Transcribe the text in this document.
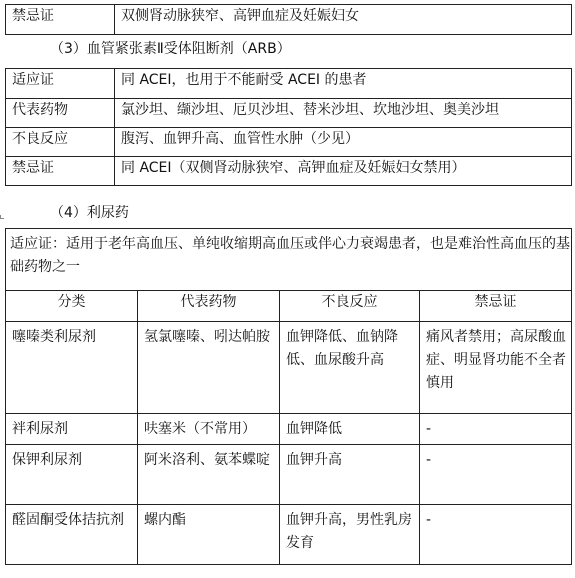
禁忌证	双侧肾动脉狭窄、高钾血症及妊娠妇女
（3）血管紧张素Ⅱ受体阻断剂（ARB）
适应证	同 ACEI，也用于不能耐受 ACEI 的患者
代表药物	氯沙坦、缬沙坦、厄贝沙坦、替米沙坦、坎地沙坦、奥美沙坦
不良反应	腹泻、血钾升高、血管性水肿（少见）
禁忌证	同 ACEI（双侧肾动脉狭窄、高钾血症及妊娠妇女禁用）
（4）利尿药
适应证：适用于老年高血压、单纯收缩期高血压或伴心力衰竭患者，也是难治性高血压的基础药物之一			
分类	代表药物	不良反应	禁忌证
噻嗪类利尿剂	氢氯噻嗪、吲达帕胺	血钾降低、血钠降低、血尿酸升高	痛风者禁用；高尿酸血症、明显肾功能不全者慎用
袢利尿剂	呋塞米（不常用）	血钾降低	-
保钾利尿剂	阿米洛利、氨苯蝶啶	血钾升高	-
醛固酮受体拮抗剂	螺内酯	血钾升高，男性乳房发育	-
